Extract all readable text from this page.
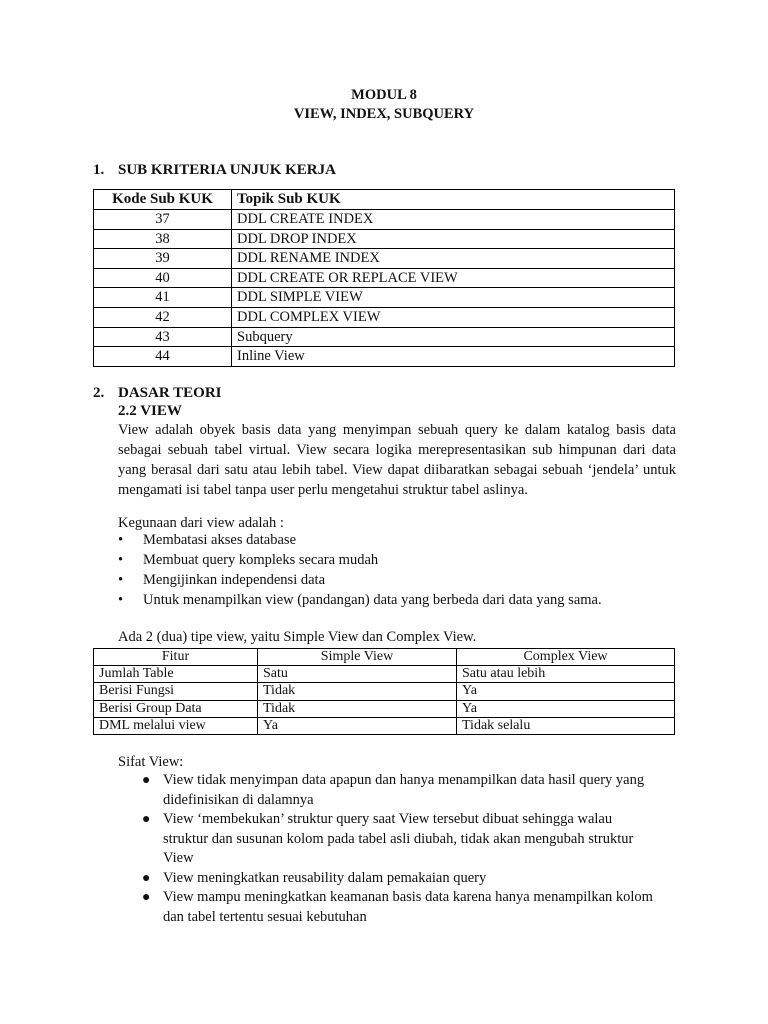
MODUL 8
VIEW, INDEX, SUBQUERY
1. SUB KRITERIA UNJUK KERJA
Kode Sub KUK	Topik Sub KUK
37	DDL CREATE INDEX
38	DDL DROP INDEX
39	DDL RENAME INDEX
40	DDL CREATE OR REPLACE VIEW
41	DDL SIMPLE VIEW
42	DDL COMPLEX VIEW
43	Subquery
44	Inline View
2. DASAR TEORI
2.2 VIEW
View adalah obyek basis data yang menyimpan sebuah query ke dalam katalog basis data sebagai sebuah tabel virtual. View secara logika merepresentasikan sub himpunan dari data yang berasal dari satu atau lebih tabel. View dapat diibaratkan sebagai sebuah ‘jendela’ untuk mengamati isi tabel tanpa user perlu mengetahui struktur tabel aslinya.
Kegunaan dari view adalah :
• Membatasi akses database
• Membuat query kompleks secara mudah
• Mengijinkan independensi data
• Untuk menampilkan view (pandangan) data yang berbeda dari data yang sama.
Ada 2 (dua) tipe view, yaitu Simple View dan Complex View.
Fitur	Simple View	Complex View
Jumlah Table	Satu	Satu atau lebih
Berisi Fungsi	Tidak	Ya
Berisi Group Data	Tidak	Ya
DML melalui view	Ya	Tidak selalu
Sifat View:
● View tidak menyimpan data apapun dan hanya menampilkan data hasil query yang didefinisikan di dalamnya
● View ‘membekukan’ struktur query saat View tersebut dibuat sehingga walau struktur dan susunan kolom pada tabel asli diubah, tidak akan mengubah struktur View
● View meningkatkan reusability dalam pemakaian query
● View mampu meningkatkan keamanan basis data karena hanya menampilkan kolom dan tabel tertentu sesuai kebutuhan
